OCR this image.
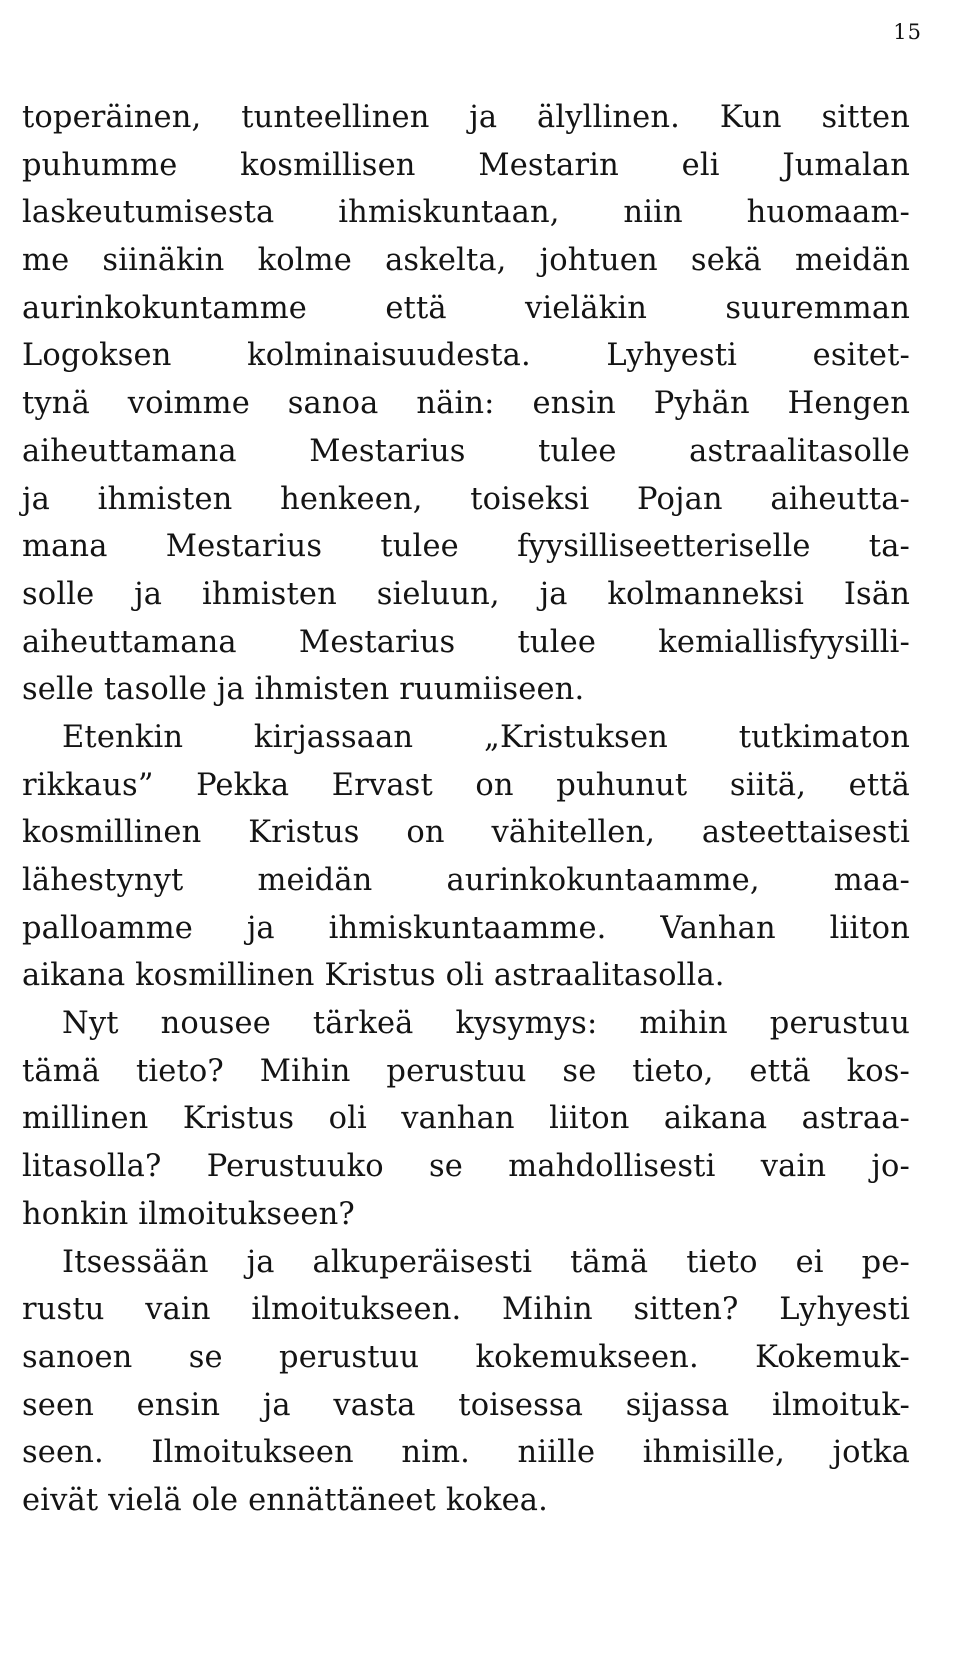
15
toperäinen, tunteellinen ja älyllinen. Kun sitten
puhumme kosmillisen Mestarin eli Jumalan
laskeutumisesta ihmiskuntaan, niin huomaam-
me siinäkin kolme askelta, johtuen sekä meidän
aurinkokuntamme että vieläkin suuremman
Logoksen kolminaisuudesta. Lyhyesti esitet-
tynä voimme sanoa näin: ensin Pyhän Hengen
aiheuttamana Mestarius tulee astraalitasolle
ja ihmisten henkeen, toiseksi Pojan aiheutta-
mana Mestarius tulee fyysilliseetteriselle ta-
solle ja ihmisten sieluun, ja kolmanneksi Isän
aiheuttamana Mestarius tulee kemiallisfyysilli-
selle tasolle ja ihmisten ruumiiseen.
Etenkin kirjassaan „Kristuksen tutkimaton
rikkaus” Pekka Ervast on puhunut siitä, että
kosmillinen Kristus on vähitellen, asteettaisesti
lähestynyt meidän aurinkokuntaamme, maa-
palloamme ja ihmiskuntaamme. Vanhan liiton
aikana kosmillinen Kristus oli astraalitasolla.
Nyt nousee tärkeä kysymys: mihin perustuu
tämä tieto? Mihin perustuu se tieto, että kos-
millinen Kristus oli vanhan liiton aikana astraa-
litasolla? Perustuuko se mahdollisesti vain jo-
honkin ilmoitukseen?
Itsessään ja alkuperäisesti tämä tieto ei pe-
rustu vain ilmoitukseen. Mihin sitten? Lyhyesti
sanoen se perustuu kokemukseen. Kokemuk-
seen ensin ja vasta toisessa sijassa ilmoituk-
seen. Ilmoitukseen nim. niille ihmisille, jotka
eivät vielä ole ennättäneet kokea.
